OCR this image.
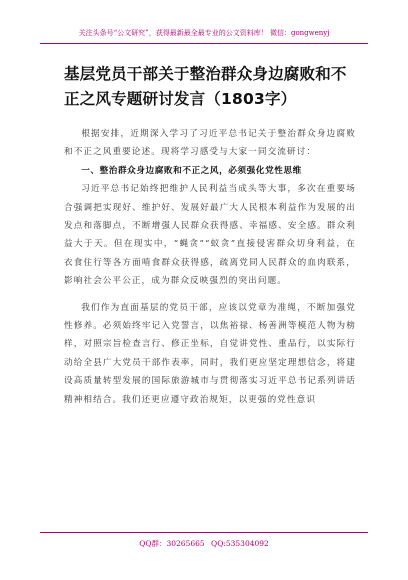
关注头条号“公文研究”，获得最新最全最专业的公文资料库！ 微信：gongwenyj
基层党员干部关于整治群众身边腐败和不正之风专题研讨发言（1803字）

根据安排，近期深入学习了习近平总书记关于整治群众身边腐败和不正之风重要论述。现将学习感受与大家一同交流研讨：

一、整治群众身边腐败和不正之风，必须强化党性思维

习近平总书记始终把维护人民利益当成头等大事，多次在重要场合强调把实现好、维护好、发展好最广大人民根本利益作为发展的出发点和落脚点，不断增强人民群众获得感、幸福感、安全感。群众利益大于天。但在现实中，“蝇贪”“蚁贪”直接侵害群众切身利益，在衣食住行等各方面啃食群众获得感，疏离党同人民群众的血肉联系，影响社会公平公正，成为群众反映强烈的突出问题。

我们作为直面基层的党员干部，应该以党章为准绳，不断加强党性修养。必须始终牢记入党誓言，以焦裕禄、杨善洲等模范人物为榜样，对照宗旨检查言行、修正坐标，自觉讲党性、重品行，以实际行动给全县广大党员干部作表率，同时，我们更应坚定理想信念，将建设高质量转型发展的国际旅游城市与贯彻落实习近平总书记系列讲话精神相结合。我们还更应遵守政治规矩，以更强的党性意识

QQ群：30265665 QQ:535304092
